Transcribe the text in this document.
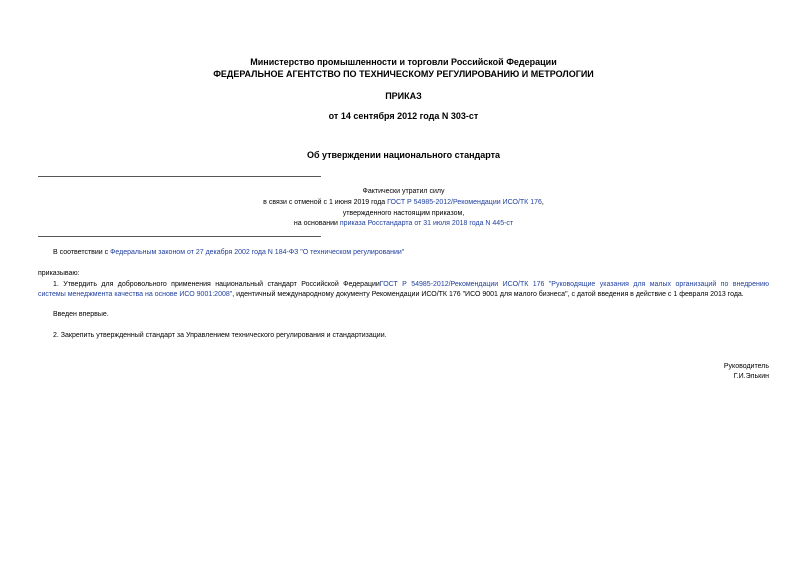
Министерство промышленности и торговли Российской Федерации
ФЕДЕРАЛЬНОЕ АГЕНТСТВО ПО ТЕХНИЧЕСКОМУ РЕГУЛИРОВАНИЮ И МЕТРОЛОГИИ
ПРИКАЗ
от 14 сентября 2012 года N 303-ст
Об утверждении национального стандарта
Фактически утратил силу
в связи с отменой с 1 июня 2019 года ГОСТ Р 54985-2012/Рекомендации ИСО/ТК 176,
утвержденного настоящим приказом,
на основании приказа Росстандарта от 31 июля 2018 года N 445-ст
В соответствии с Федеральным законом от 27 декабря 2002 года N 184-ФЗ "О техническом регулировании"
приказываю:
1. Утвердить для добровольного применения национальный стандарт Российской ФедерацииГОСТ Р 54985-2012/Рекомендации ИСО/ТК 176 "Руководящие указания для малых организаций по внедрению
системы менеджмента качества на основе ИСО 9001:2008", идентичный международному документу Рекомендации ИСО/ТК 176 "ИСО 9001 для малого бизнеса", с датой введения в действие с 1 февраля 2013 года.
Введен впервые.
2. Закрепить утвержденный стандарт за Управлением технического регулирования и стандартизации.
Руководитель
Г.И.Элькин
